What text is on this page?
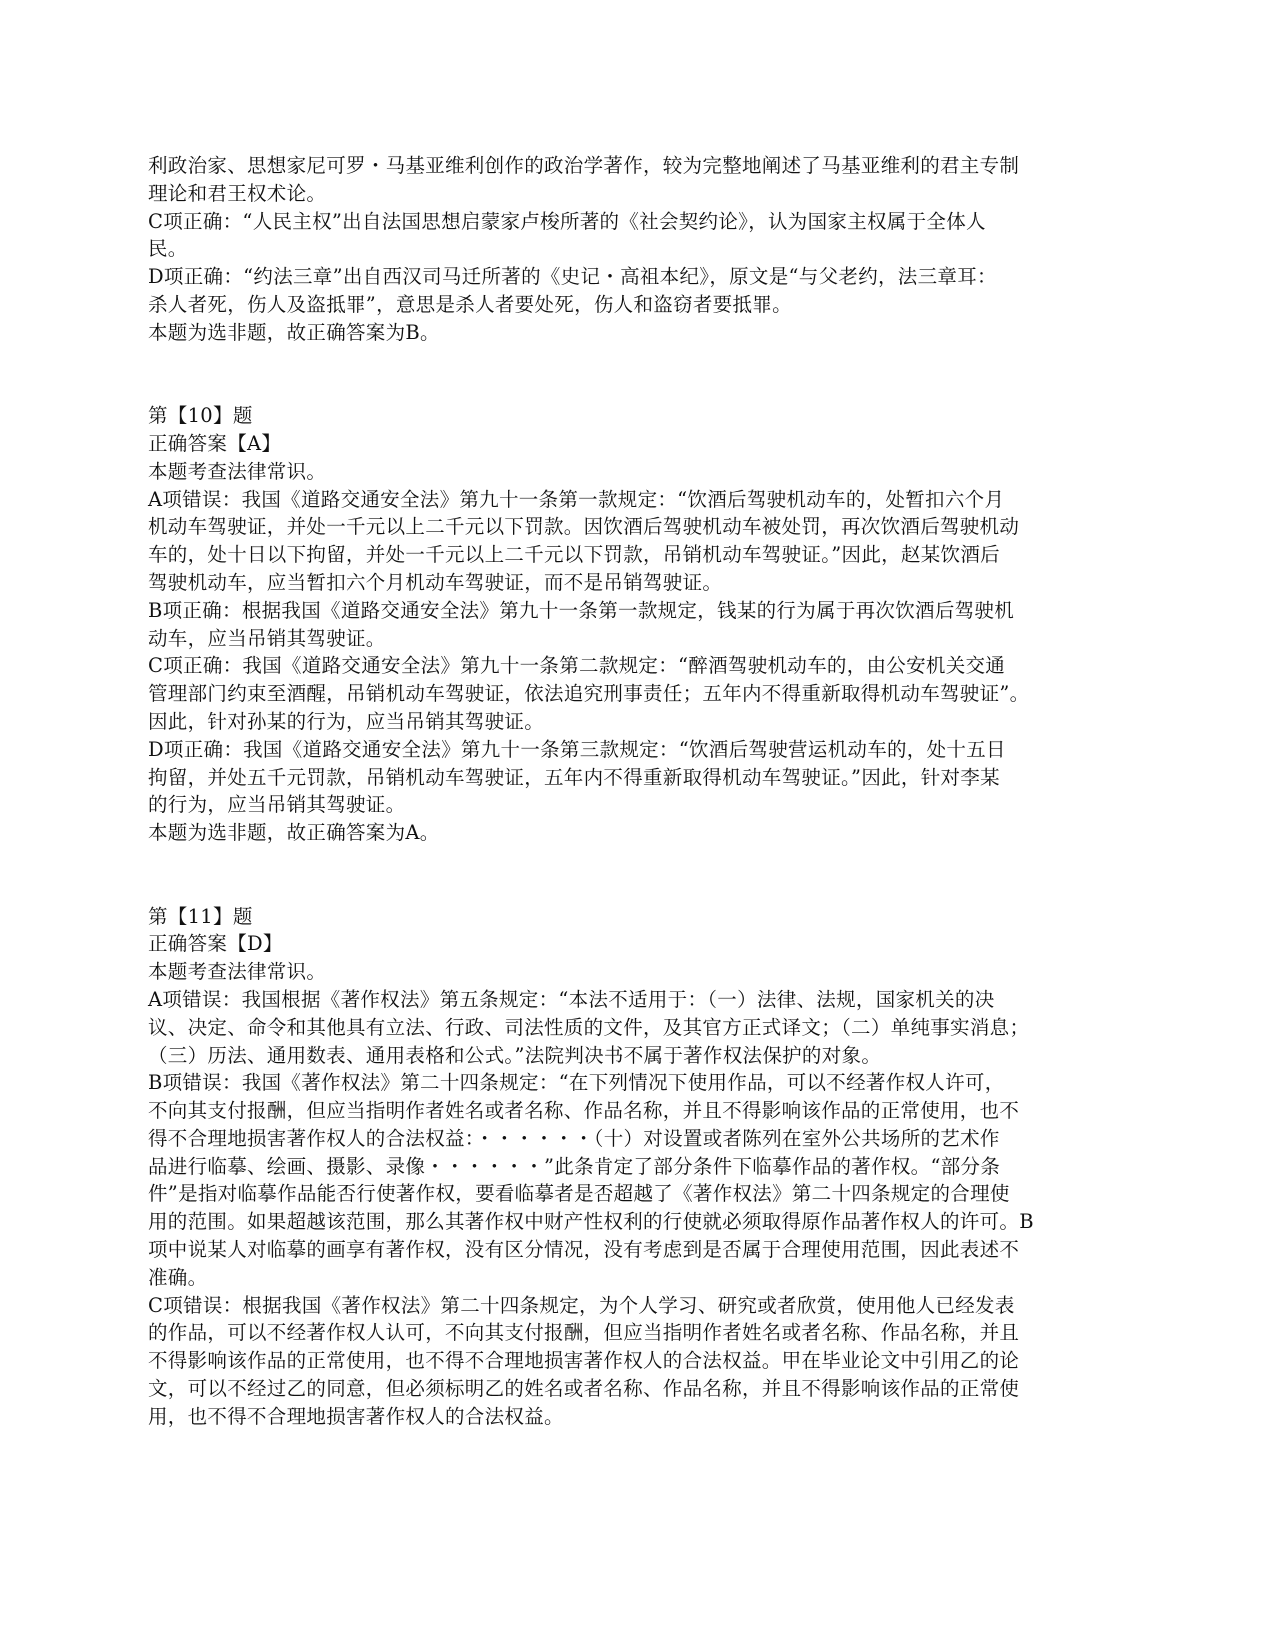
利政治家、思想家尼可罗・马基亚维利创作的政治学著作，较为完整地阐述了马基亚维利的君主专制
理论和君王权术论。
C项正确：“人民主权”出自法国思想启蒙家卢梭所著的《社会契约论》，认为国家主权属于全体人
民。
D项正确：“约法三章”出自西汉司马迁所著的《史记・高祖本纪》，原文是“与父老约，法三章耳：
杀人者死，伤人及盗抵罪”，意思是杀人者要处死，伤人和盗窃者要抵罪。
本题为选非题，故正确答案为B。
第【10】题
正确答案【A】
本题考查法律常识。
A项错误：我国《道路交通安全法》第九十一条第一款规定：“饮酒后驾驶机动车的，处暂扣六个月
机动车驾驶证，并处一千元以上二千元以下罚款。因饮酒后驾驶机动车被处罚，再次饮酒后驾驶机动
车的，处十日以下拘留，并处一千元以上二千元以下罚款，吊销机动车驾驶证。”因此，赵某饮酒后
驾驶机动车，应当暂扣六个月机动车驾驶证，而不是吊销驾驶证。
B项正确：根据我国《道路交通安全法》第九十一条第一款规定，钱某的行为属于再次饮酒后驾驶机
动车，应当吊销其驾驶证。
C项正确：我国《道路交通安全法》第九十一条第二款规定：“醉酒驾驶机动车的，由公安机关交通
管理部门约束至酒醒，吊销机动车驾驶证，依法追究刑事责任；五年内不得重新取得机动车驾驶证”。
因此，针对孙某的行为，应当吊销其驾驶证。
D项正确：我国《道路交通安全法》第九十一条第三款规定：“饮酒后驾驶营运机动车的，处十五日
拘留，并处五千元罚款，吊销机动车驾驶证，五年内不得重新取得机动车驾驶证。”因此，针对李某
的行为，应当吊销其驾驶证。
本题为选非题，故正确答案为A。
第【11】题
正确答案【D】
本题考查法律常识。
A项错误：我国根据《著作权法》第五条规定：“本法不适用于：（一）法律、法规，国家机关的决
议、决定、命令和其他具有立法、行政、司法性质的文件，及其官方正式译文；（二）单纯事实消息；
（三）历法、通用数表、通用表格和公式。”法院判决书不属于著作权法保护的对象。
B项错误：我国《著作权法》第二十四条规定：“在下列情况下使用作品，可以不经著作权人许可，
不向其支付报酬，但应当指明作者姓名或者名称、作品名称，并且不得影响该作品的正常使用，也不
得不合理地损害著作权人的合法权益：・・・・・・（十）对设置或者陈列在室外公共场所的艺术作
品进行临摹、绘画、摄影、录像・・・・・・”此条肯定了部分条件下临摹作品的著作权。“部分条
件”是指对临摹作品能否行使著作权，要看临摹者是否超越了《著作权法》第二十四条规定的合理使
用的范围。如果超越该范围，那么其著作权中财产性权利的行使就必须取得原作品著作权人的许可。B
项中说某人对临摹的画享有著作权，没有区分情况，没有考虑到是否属于合理使用范围，因此表述不
准确。
C项错误：根据我国《著作权法》第二十四条规定，为个人学习、研究或者欣赏，使用他人已经发表
的作品，可以不经著作权人认可，不向其支付报酬，但应当指明作者姓名或者名称、作品名称，并且
不得影响该作品的正常使用，也不得不合理地损害著作权人的合法权益。甲在毕业论文中引用乙的论
文，可以不经过乙的同意，但必须标明乙的姓名或者名称、作品名称，并且不得影响该作品的正常使
用，也不得不合理地损害著作权人的合法权益。
